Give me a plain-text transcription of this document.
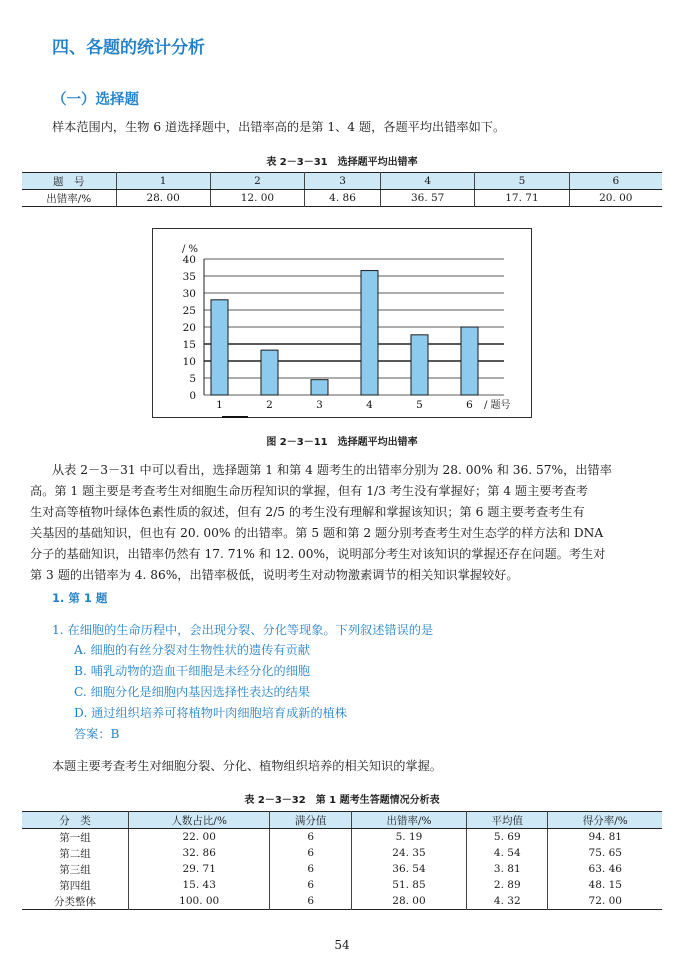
四、各题的统计分析
（一）选择题
样本范围内，生物 6 道选择题中，出错率高的是第 1、4 题，各题平均出错率如下。
表 2－3－31　选择题平均出错率
题　号	1	2	3	4	5	6
出错率/%	28. 00	12. 00	4. 86	36. 57	17. 71	20. 00
0
5
10
15
20
25
30
35
40
/ %
1	2	3	4	5	6 / 题号
图 2－3－11　选择题平均出错率
从表 2－3－31 中可以看出，选择题第 1 和第 4 题考生的出错率分别为 28. 00% 和 36. 57%，出错率
高。第 1 题主要是考查考生对细胞生命历程知识的掌握，但有 1/3 考生没有掌握好；第 4 题主要考查考
生对高等植物叶绿体色素性质的叙述，但有 2/5 的考生没有理解和掌握该知识；第 6 题主要考查考生有
关基因的基础知识，但也有 20. 00% 的出错率。第 5 题和第 2 题分别考查考生对生态学的样方法和 DNA
分子的基础知识，出错率仍然有 17. 71% 和 12. 00%，说明部分考生对该知识的掌握还存在问题。考生对
第 3 题的出错率为 4. 86%，出错率极低，说明考生对动物激素调节的相关知识掌握较好。
1. 第 1 题
1. 在细胞的生命历程中，会出现分裂、分化等现象。下列叙述错误的是
A. 细胞的有丝分裂对生物性状的遗传有贡献
B. 哺乳动物的造血干细胞是未经分化的细胞
C. 细胞分化是细胞内基因选择性表达的结果
D. 通过组织培养可将植物叶肉细胞培育成新的植株
答案：B
本题主要考查考生对细胞分裂、分化、植物组织培养的相关知识的掌握。
表 2－3－32　第 1 题考生答题情况分析表
分　类	人数占比/%	满分值	出错率/%	平均值	得分率/%
第一组	22. 00	6	5. 19	5. 69	94. 81
第二组	32. 86	6	24. 35	4. 54	75. 65
第三组	29. 71	6	36. 54	3. 81	63. 46
第四组	15. 43	6	51. 85	2. 89	48. 15
分类整体	100. 00	6	28. 00	4. 32	72. 00
54
